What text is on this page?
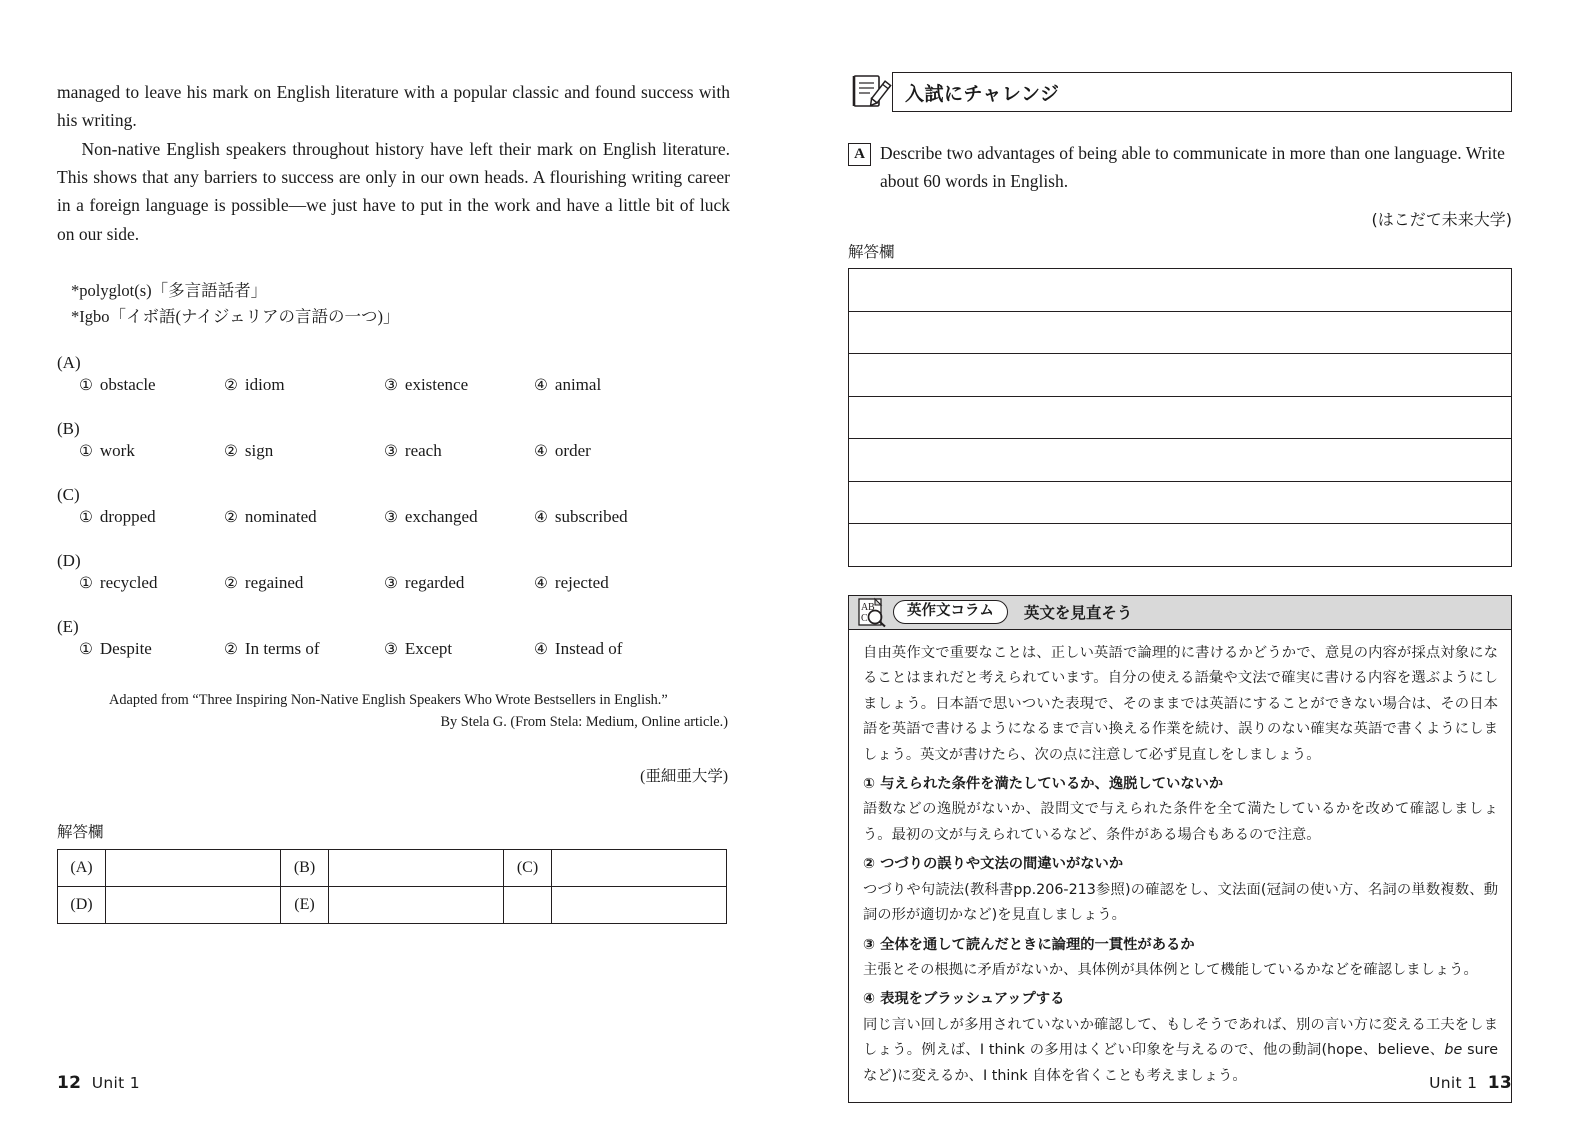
managed to leave his mark on English literature with a popular classic and found success with his writing.

Non-native English speakers throughout history have left their mark on English literature. This shows that any barriers to success are only in our own heads. A flourishing writing career in a foreign language is possible—we just have to put in the work and have a little bit of luck on our side.

*polyglot(s)「多言語話者」
*Igbo「イボ語(ナイジェリアの言語の一つ)」
(A)
① obstacle	② idiom	③ existence	④ animal
(B)
① work	② sign	③ reach	④ order
(C)
① dropped	② nominated	③ exchanged	④ subscribed
(D)
① recycled	② regained	③ regarded	④ rejected
(E)
① Despite	② In terms of	③ Except	④ Instead of
Adapted from “Three Inspiring Non-Native English Speakers Who Wrote Bestsellers in English.”
By Stela G. (From Stela: Medium, Online article.)
(亜細亜大学)
解答欄
(A)		(B)		(C)	
(D)		(E)			
12 Unit 1
入試にチャレンジ
A Describe two advantages of being able to communicate in more than one language. Write about 60 words in English.
(はこだて未来大学)
解答欄
A B
C	英作文コラム	英文を見直そう

自由英作文で重要なことは、正しい英語で論理的に書けるかどうかで、意見の内容が採点対象になることはまれだと考えられています。自分の使える語彙や文法で確実に書ける内容を選ぶようにしましょう。日本語で思いついた表現で、そのままでは英語にすることができない場合は、その日本語を英語で書けるようになるまで言い換える作業を続け、誤りのない確実な英語で書くようにしましょう。英文が書けたら、次の点に注意して必ず見直しをしましょう。

① 与えられた条件を満たしているか、逸脱していないか

語数などの逸脱がないか、設問文で与えられた条件を全て満たしているかを改めて確認しましょう。最初の文が与えられているなど、条件がある場合もあるので注意。

② つづりの誤りや文法の間違いがないか

つづりや句読法(教科書pp.206-213参照)の確認をし、文法面(冠詞の使い方、名詞の単数複数、動詞の形が適切かなど)を見直しましょう。

③ 全体を通して読んだときに論理的一貫性があるか

主張とその根拠に矛盾がないか、具体例が具体例として機能しているかなどを確認しましょう。

④ 表現をブラッシュアップする

同じ言い回しが多用されていないか確認して、もしそうであれば、別の言い方に変える工夫をしましょう。例えば、I think の多用はくどい印象を与えるので、他の動詞(hope、believe、be sure など)に変えるか、I think 自体を省くことも考えましょう。	Unit 1 13
